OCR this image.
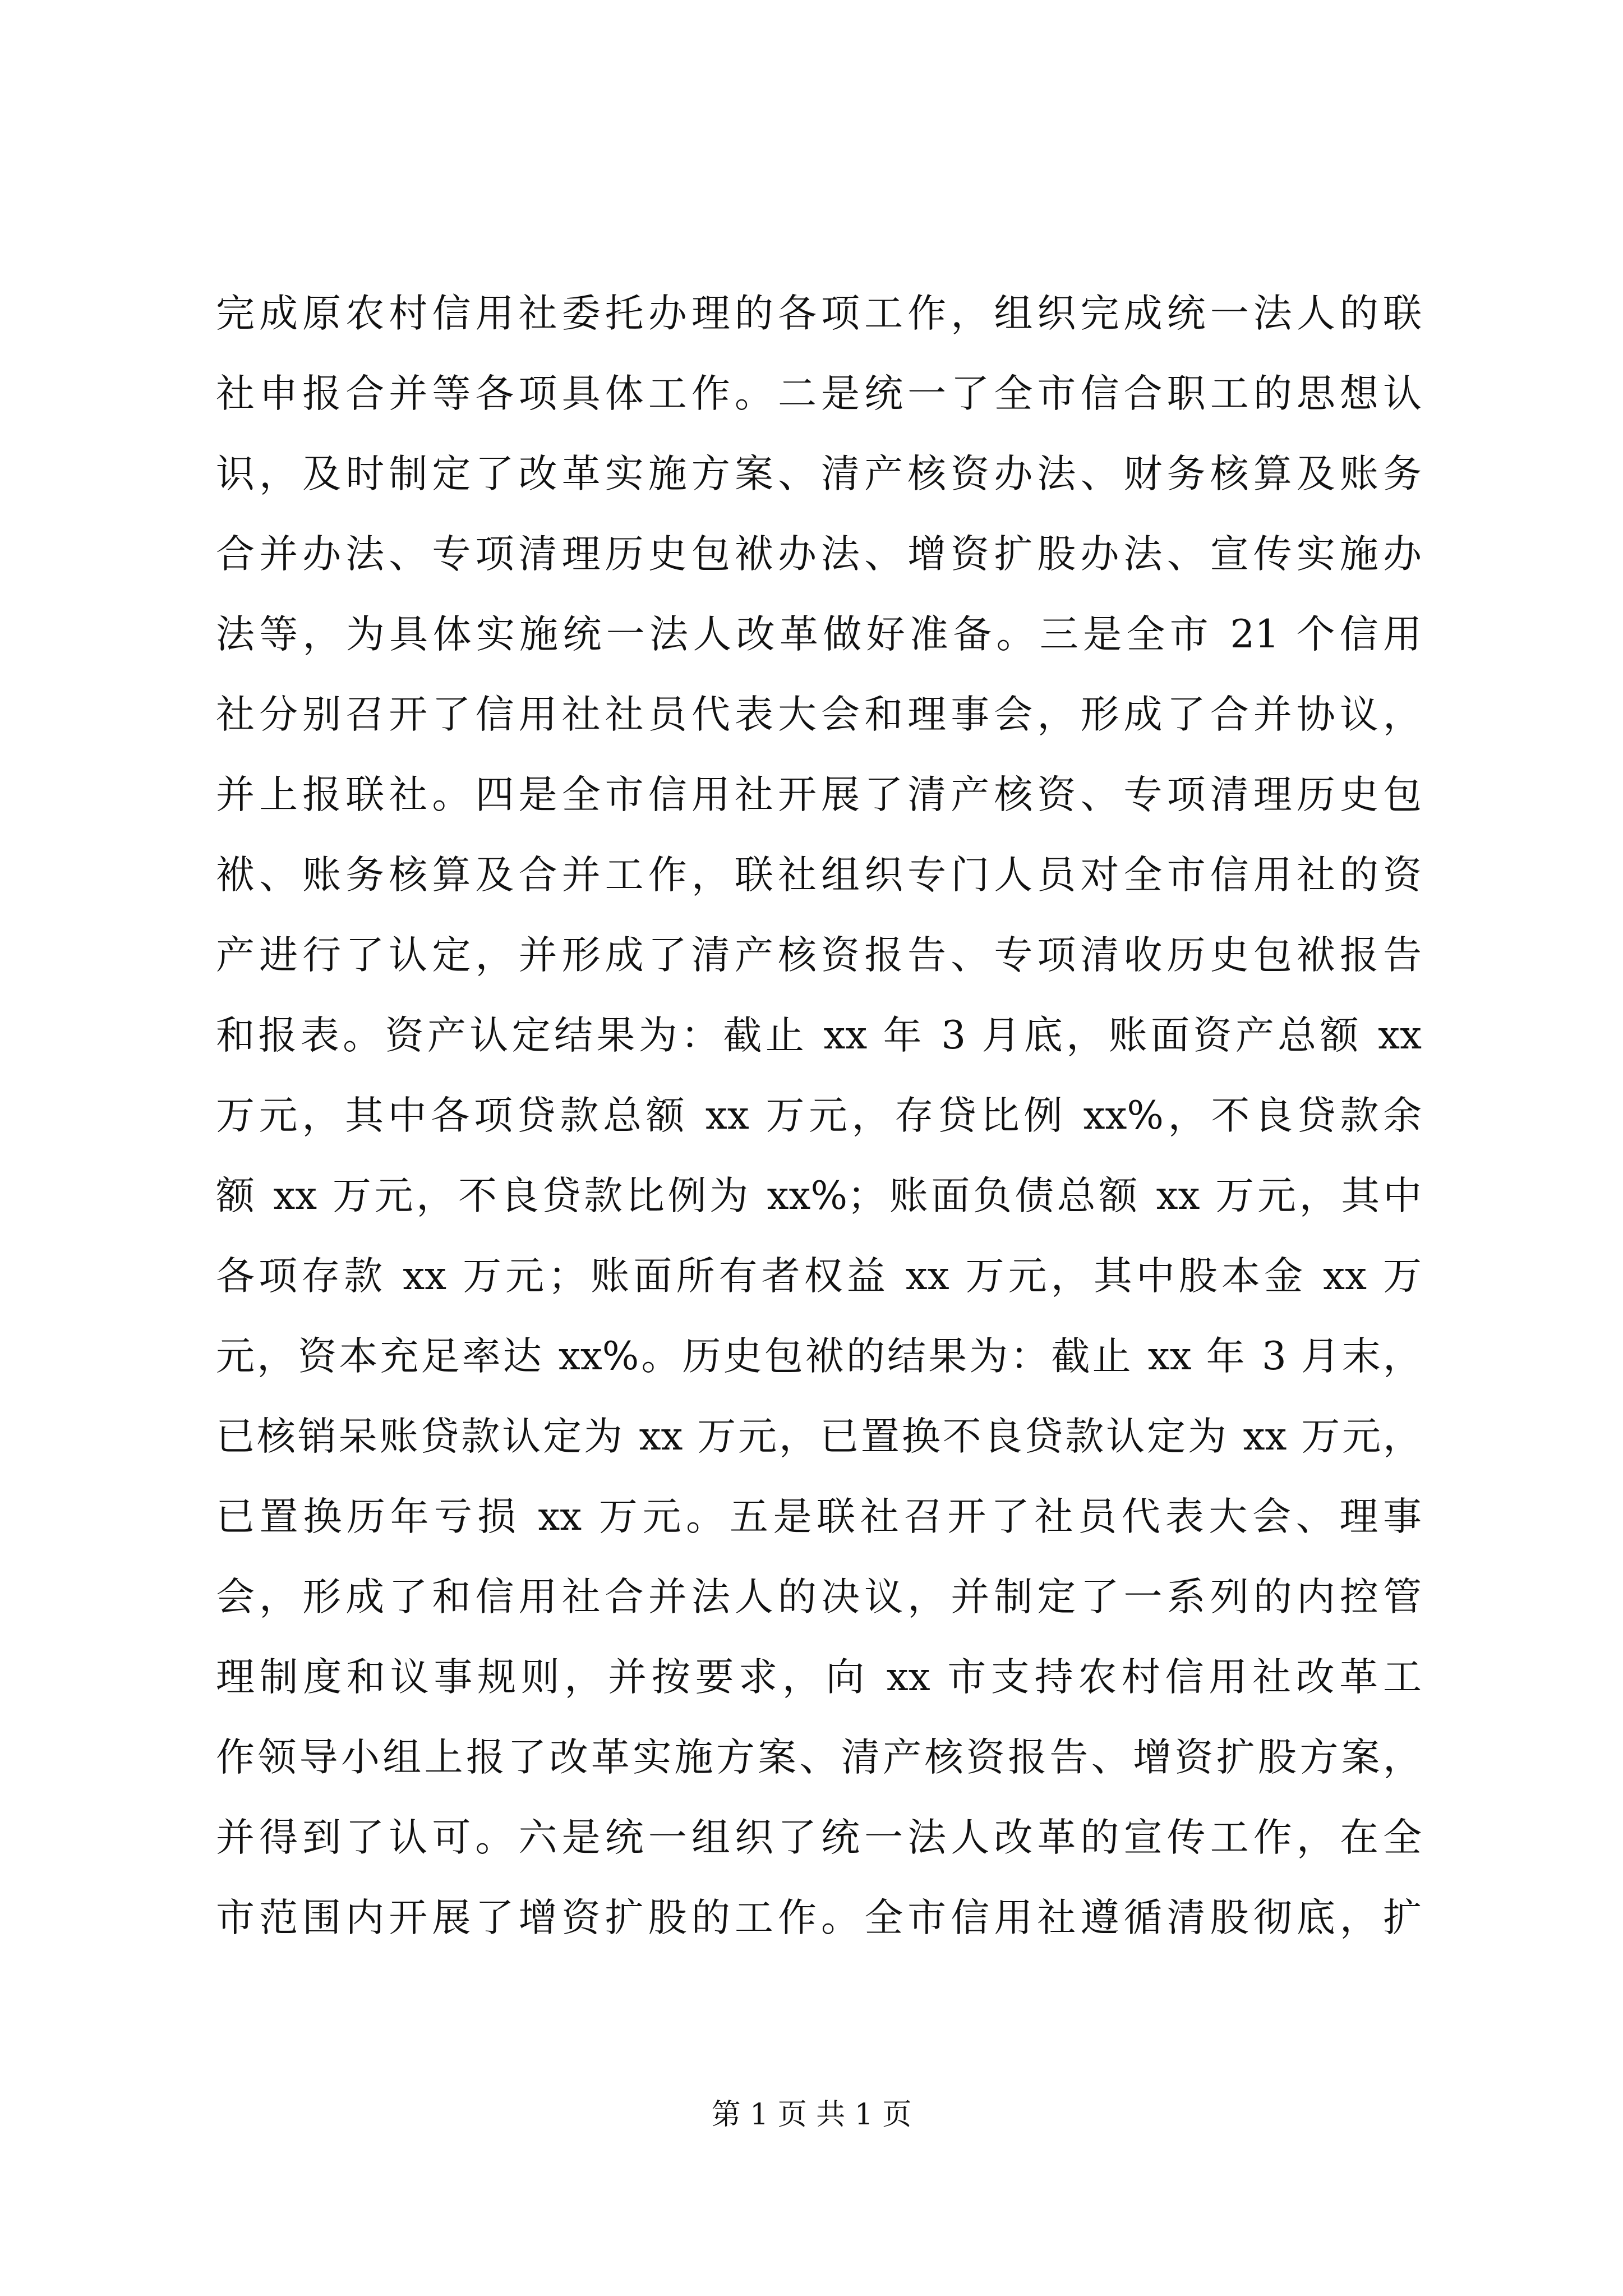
完成原农村信用社委托办理的各项工作，组织完成统一法人的联
社申报合并等各项具体工作。二是统一了全市信合职工的思想认
识，及时制定了改革实施方案、清产核资办法、财务核算及账务
合并办法、专项清理历史包袱办法、增资扩股办法、宣传实施办
法等，为具体实施统一法人改革做好准备。三是全市 21 个信用
社分别召开了信用社社员代表大会和理事会，形成了合并协议，
并上报联社。四是全市信用社开展了清产核资、专项清理历史包
袱、账务核算及合并工作，联社组织专门人员对全市信用社的资
产进行了认定，并形成了清产核资报告、专项清收历史包袱报告
和报表。资产认定结果为：截止 xx 年 3 月底，账面资产总额 xx
万元，其中各项贷款总额 xx 万元，存贷比例 xx%，不良贷款余
额 xx 万元，不良贷款比例为 xx%；账面负债总额 xx 万元，其中
各项存款 xx 万元；账面所有者权益 xx 万元，其中股本金 xx 万
元，资本充足率达 xx%。历史包袱的结果为：截止 xx 年 3 月末，
已核销呆账贷款认定为 xx 万元，已置换不良贷款认定为 xx 万元，
已置换历年亏损 xx 万元。五是联社召开了社员代表大会、理事
会，形成了和信用社合并法人的决议，并制定了一系列的内控管
理制度和议事规则，并按要求，向 xx 市支持农村信用社改革工
作领导小组上报了改革实施方案、清产核资报告、增资扩股方案，
并得到了认可。六是统一组织了统一法人改革的宣传工作，在全
市范围内开展了增资扩股的工作。全市信用社遵循清股彻底，扩
第 1 页 共 1 页
